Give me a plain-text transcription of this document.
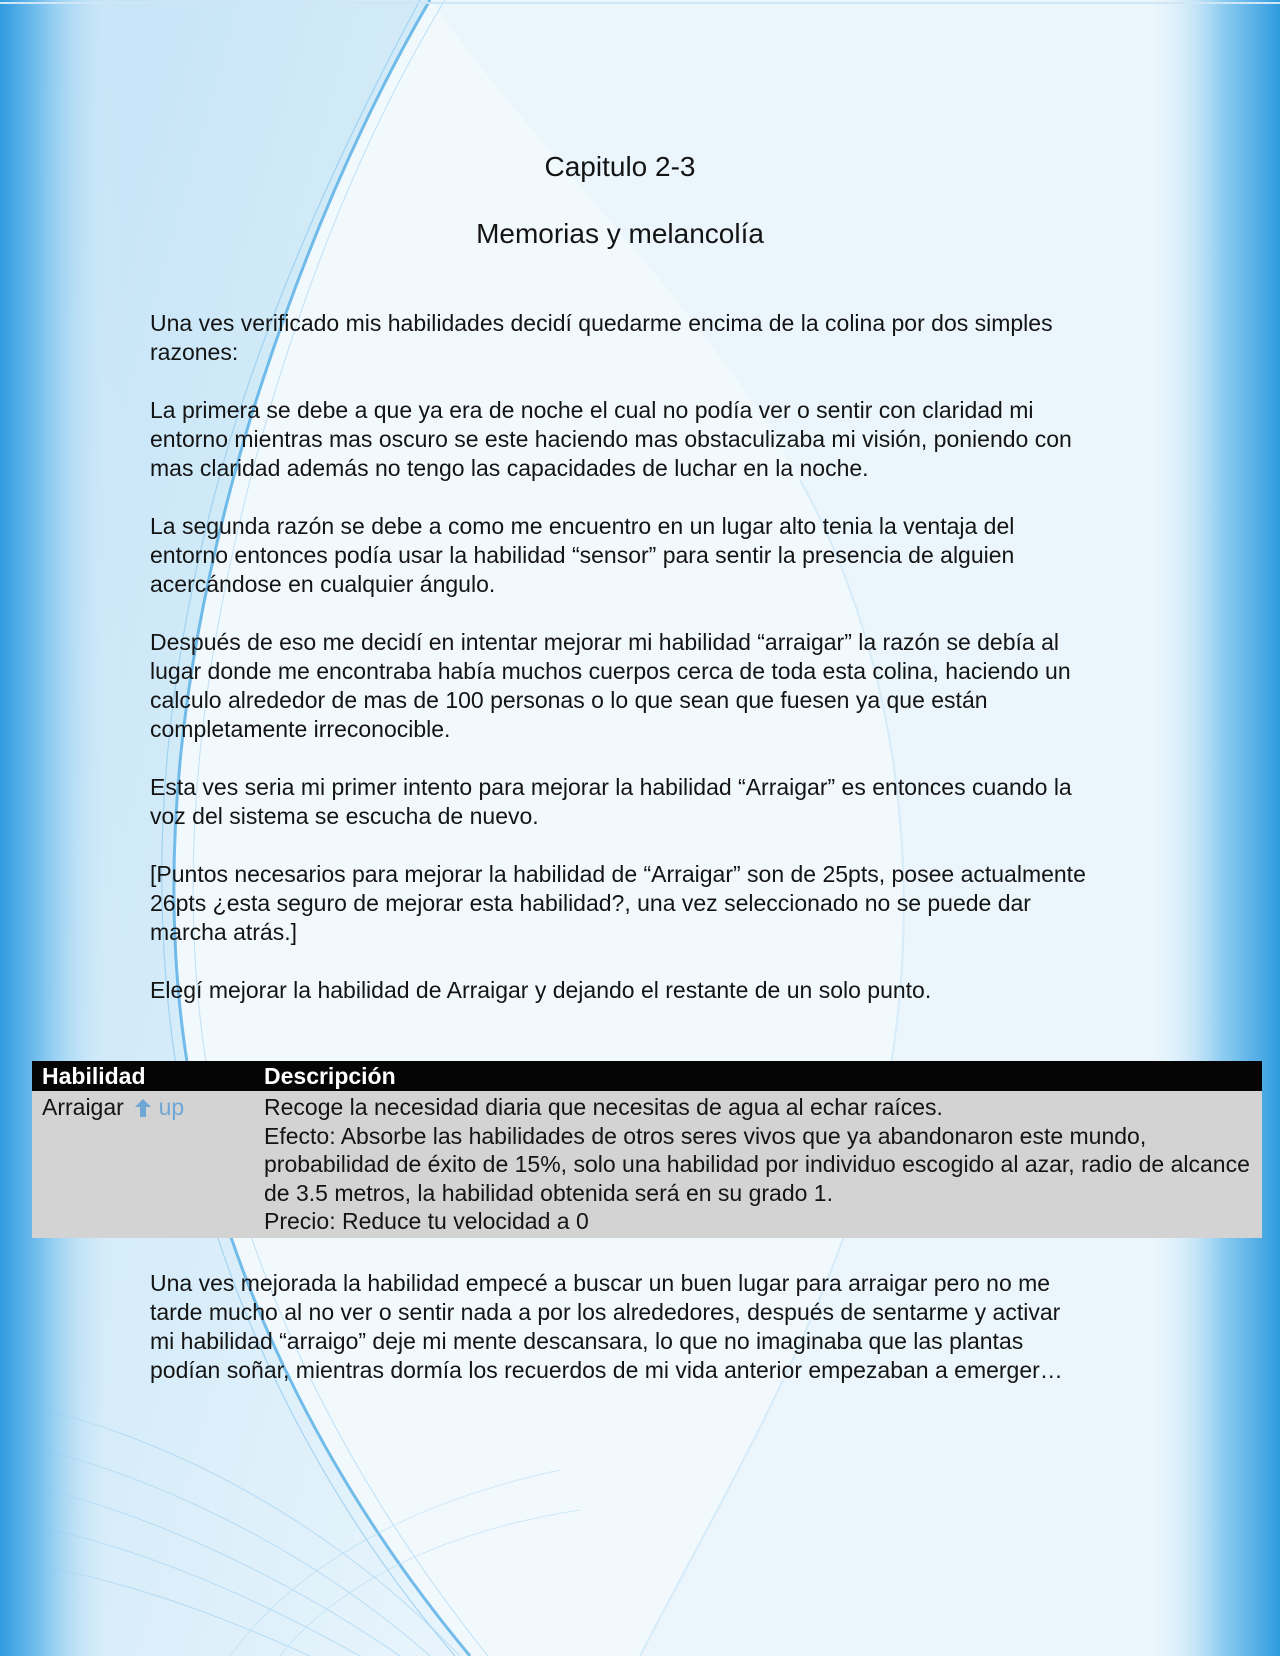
Capitulo 2-3
Memorias y melancolía

Una ves verificado mis habilidades decidí quedarme encima de la colina por dos simples razones:

La primera se debe a que ya era de noche el cual no podía ver o sentir con claridad mi entorno mientras mas oscuro se este haciendo mas obstaculizaba mi visión, poniendo con mas claridad además no tengo las capacidades de luchar en la noche.

La segunda razón se debe a como me encuentro en un lugar alto tenia la ventaja del entorno entonces podía usar la habilidad “sensor” para sentir la presencia de alguien acercándose en cualquier ángulo.

Después de eso me decidí en intentar mejorar mi habilidad “arraigar” la razón se debía al lugar donde me encontraba había muchos cuerpos cerca de toda esta colina, haciendo un calculo alrededor de mas de 100 personas o lo que sean que fuesen ya que están completamente irreconocible.

Esta ves seria mi primer intento para mejorar la habilidad “Arraigar” es entonces cuando la voz del sistema se escucha de nuevo.

[Puntos necesarios para mejorar la habilidad de “Arraigar” son de 25pts, posee actualmente 26pts ¿esta seguro de mejorar esta habilidad?, una vez seleccionado no se puede dar marcha atrás.]

Elegí mejorar la habilidad de Arraigar y dejando el restante de un solo punto.

Habilidad	Descripción
Arraigar up	Recoge la necesidad diaria que necesitas de agua al echar raíces.
Efecto: Absorbe las habilidades de otros seres vivos que ya abandonaron este mundo, probabilidad de éxito de 15%, solo una habilidad por individuo escogido al azar, radio de alcance de 3.5 metros, la habilidad obtenida será en su grado 1.
Precio: Reduce tu velocidad a 0

Una ves mejorada la habilidad empecé a buscar un buen lugar para arraigar pero no me tarde mucho al no ver o sentir nada a por los alrededores, después de sentarme y activar mi habilidad “arraigo” deje mi mente descansara, lo que no imaginaba que las plantas podían soñar, mientras dormía los recuerdos de mi vida anterior empezaban a emerger…
